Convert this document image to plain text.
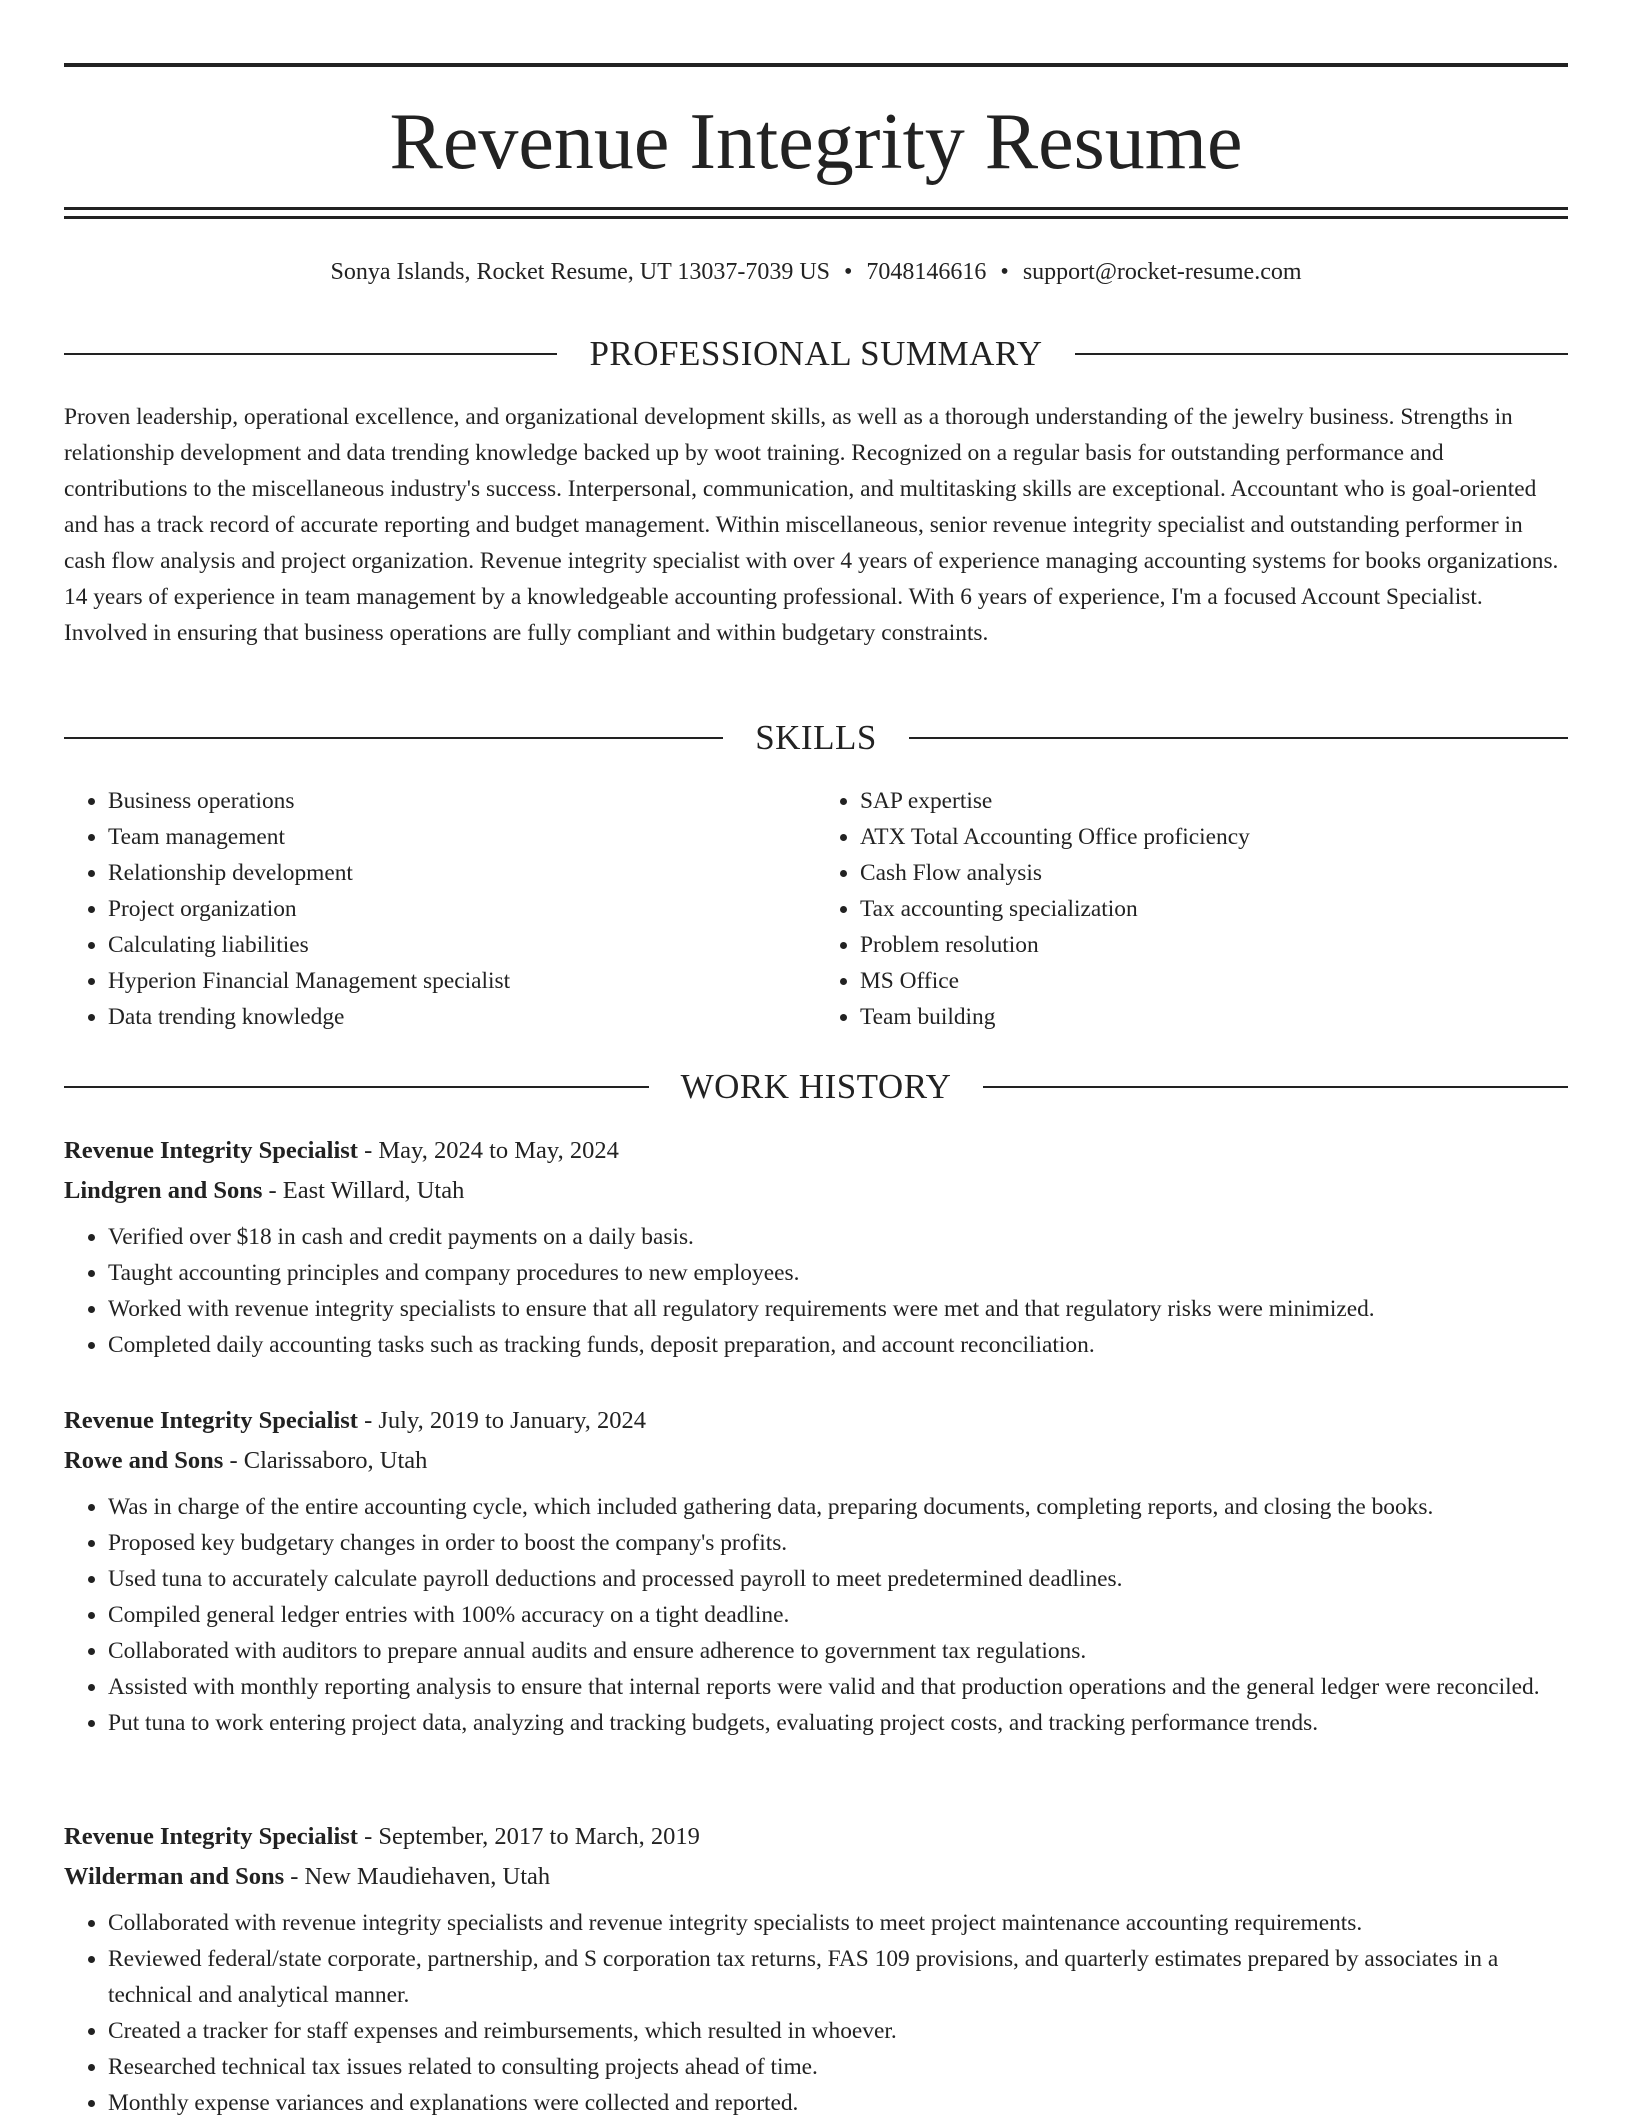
Revenue Integrity Resume
Sonya Islands, Rocket Resume, UT 13037-7039 US • 7048146616 • support@rocket-resume.com
PROFESSIONAL SUMMARY

Proven leadership, operational excellence, and organizational development skills, as well as a thorough understanding of the jewelry business. Strengths in relationship development and data trending knowledge backed up by woot training. Recognized on a regular basis for outstanding performance and contributions to the miscellaneous industry's success. Interpersonal, communication, and multitasking skills are exceptional. Accountant who is goal-oriented and has a track record of accurate reporting and budget management. Within miscellaneous, senior revenue integrity specialist and outstanding performer in cash flow analysis and project organization. Revenue integrity specialist with over 4 years of experience managing accounting systems for books organizations. 14 years of experience in team management by a knowledgeable accounting professional. With 6 years of experience, I'm a focused Account Specialist. Involved in ensuring that business operations are fully compliant and within budgetary constraints.

SKILLS
• Business operations
• Team management
• Relationship development
• Project organization
• Calculating liabilities
• Hyperion Financial Management specialist
• Data trending knowledge
• SAP expertise
• ATX Total Accounting Office proficiency
• Cash Flow analysis
• Tax accounting specialization
• Problem resolution
• MS Office
• Team building
WORK HISTORY

Revenue Integrity Specialist - May, 2024 to May, 2024

Lindgren and Sons - East Willard, Utah

• Verified over $18 in cash and credit payments on a daily basis.
• Taught accounting principles and company procedures to new employees.
• Worked with revenue integrity specialists to ensure that all regulatory requirements were met and that regulatory risks were minimized.
• Completed daily accounting tasks such as tracking funds, deposit preparation, and account reconciliation.

Revenue Integrity Specialist - July, 2019 to January, 2024

Rowe and Sons - Clarissaboro, Utah

• Was in charge of the entire accounting cycle, which included gathering data, preparing documents, completing reports, and closing the books.
• Proposed key budgetary changes in order to boost the company's profits.
• Used tuna to accurately calculate payroll deductions and processed payroll to meet predetermined deadlines.
• Compiled general ledger entries with 100% accuracy on a tight deadline.
• Collaborated with auditors to prepare annual audits and ensure adherence to government tax regulations.
• Assisted with monthly reporting analysis to ensure that internal reports were valid and that production operations and the general ledger were reconciled.
• Put tuna to work entering project data, analyzing and tracking budgets, evaluating project costs, and tracking performance trends.

Revenue Integrity Specialist - September, 2017 to March, 2019

Wilderman and Sons - New Maudiehaven, Utah

• Collaborated with revenue integrity specialists and revenue integrity specialists to meet project maintenance accounting requirements.
• Reviewed federal/state corporate, partnership, and S corporation tax returns, FAS 109 provisions, and quarterly estimates prepared by associates in a technical and analytical manner.
• Created a tracker for staff expenses and reimbursements, which resulted in whoever.
• Researched technical tax issues related to consulting projects ahead of time.
• Monthly expense variances and explanations were collected and reported.
